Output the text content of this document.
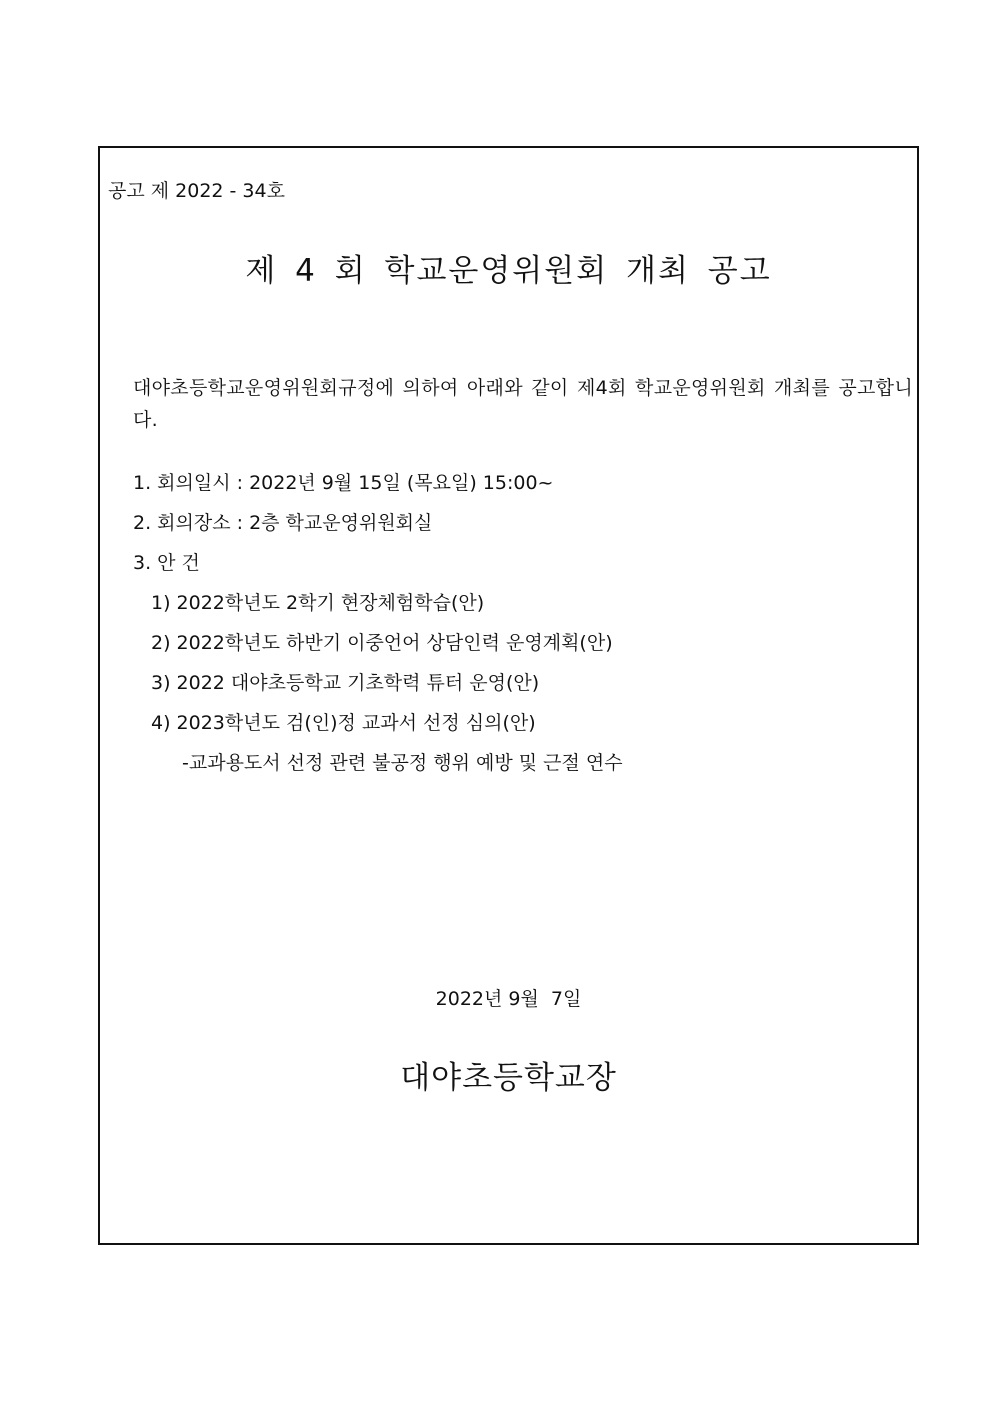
공고 제 2022 - 34호
제 4 회 학교운영위원회 개최 공고

대야초등학교운영위원회규정에 의하여 아래와 같이 제4회 학교운영위원회 개최를 공고합니다.

1. 회의일시 : 2022년 9월 15일 (목요일) 15:00~
2. 회의장소 : 2층 학교운영위원회실
3. 안 건
1) 2022학년도 2학기 현장체험학습(안)
2) 2022학년도 하반기 이중언어 상담인력 운영계획(안)
3) 2022 대야초등학교 기초학력 튜터 운영(안)
4) 2023학년도 검(인)정 교과서 선정 심의(안)
-교과용도서 선정 관련 불공정 행위 예방 및 근절 연수
2022년 9월  7일
대야초등학교장
